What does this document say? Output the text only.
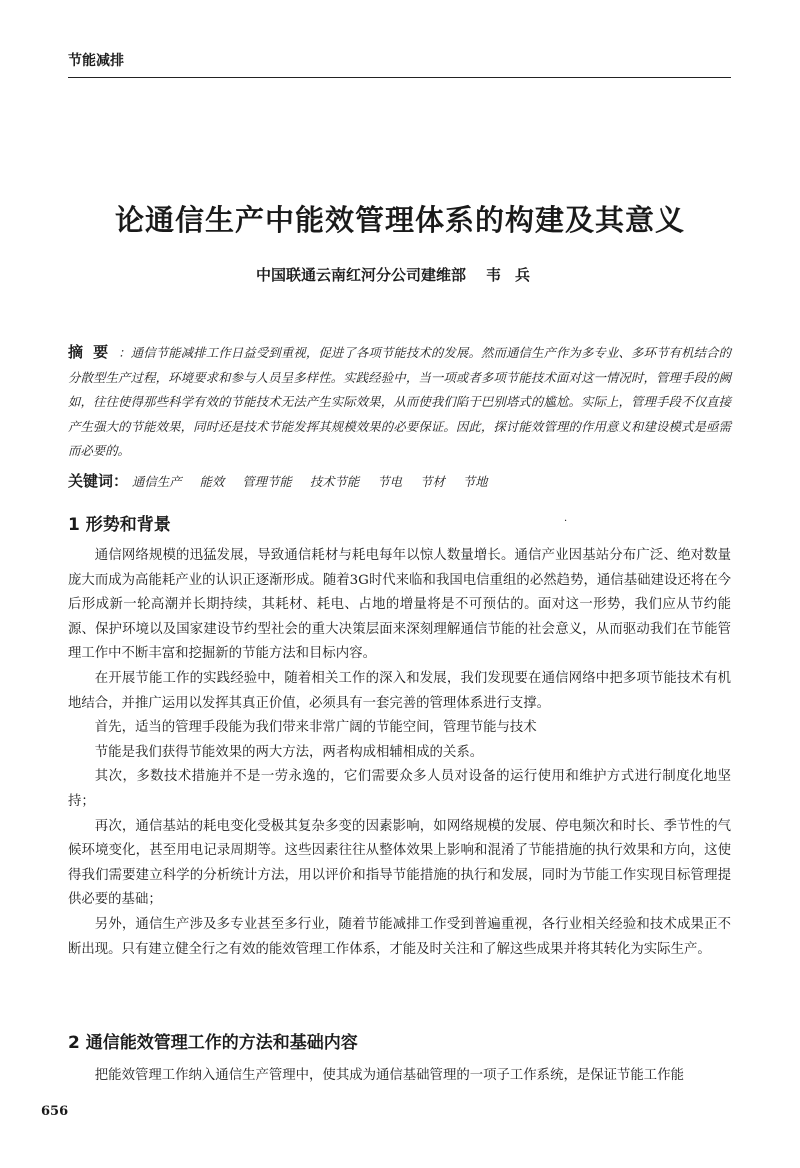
节能减排
论通信生产中能效管理体系的构建及其意义
中国联通云南红河分公司建维部 韦兵
摘要：通信节能减排工作日益受到重视，促进了各项节能技术的发展。然而通信生产作为多专业、多环节有机结合的分散型生产过程，环境要求和参与人员呈多样性。实践经验中，当一项或者多项节能技术面对这一情况时，管理手段的阙如，往往使得那些科学有效的节能技术无法产生实际效果，从而使我们陷于巴别塔式的尴尬。实际上，管理手段不仅直接产生强大的节能效果，同时还是技术节能发挥其规模效果的必要保证。因此，探讨能效管理的作用意义和建设模式是亟需而必要的。
关键词： 通信生产 能效 管理节能 技术节能 节电 节材 节地
1 形势和背景	·

通信网络规模的迅猛发展，导致通信耗材与耗电每年以惊人数量增长。通信产业因基站分布广泛、绝对数量庞大而成为高能耗产业的认识正逐渐形成。随着3G时代来临和我国电信重组的必然趋势，通信基础建设还将在今后形成新一轮高潮并长期持续，其耗材、耗电、占地的增量将是不可预估的。面对这一形势，我们应从节约能源、保护环境以及国家建设节约型社会的重大决策层面来深刻理解通信节能的社会意义，从而驱动我们在节能管理工作中不断丰富和挖掘新的节能方法和目标内容。

在开展节能工作的实践经验中，随着相关工作的深入和发展，我们发现要在通信网络中把多项节能技术有机地结合，并推广运用以发挥其真正价值，必须具有一套完善的管理体系进行支撑。

首先，适当的管理手段能为我们带来非常广阔的节能空间，管理节能与技术

节能是我们获得节能效果的两大方法，两者构成相辅相成的关系。

其次，多数技术措施并不是一劳永逸的，它们需要众多人员对设备的运行使用和维护方式进行制度化地坚持；

再次，通信基站的耗电变化受极其复杂多变的因素影响，如网络规模的发展、停电频次和时长、季节性的气候环境变化，甚至用电记录周期等。这些因素往往从整体效果上影响和混淆了节能措施的执行效果和方向，这使得我们需要建立科学的分析统计方法，用以评价和指导节能措施的执行和发展，同时为节能工作实现目标管理提供必要的基础；

另外，通信生产涉及多专业甚至多行业，随着节能减排工作受到普遍重视，各行业相关经验和技术成果正不断出现。只有建立健全行之有效的能效管理工作体系，才能及时关注和了解这些成果并将其转化为实际生产。

2 通信能效管理工作的方法和基础内容

把能效管理工作纳入通信生产管理中，使其成为通信基础管理的一项子工作系统，是保证节能工作能

656
